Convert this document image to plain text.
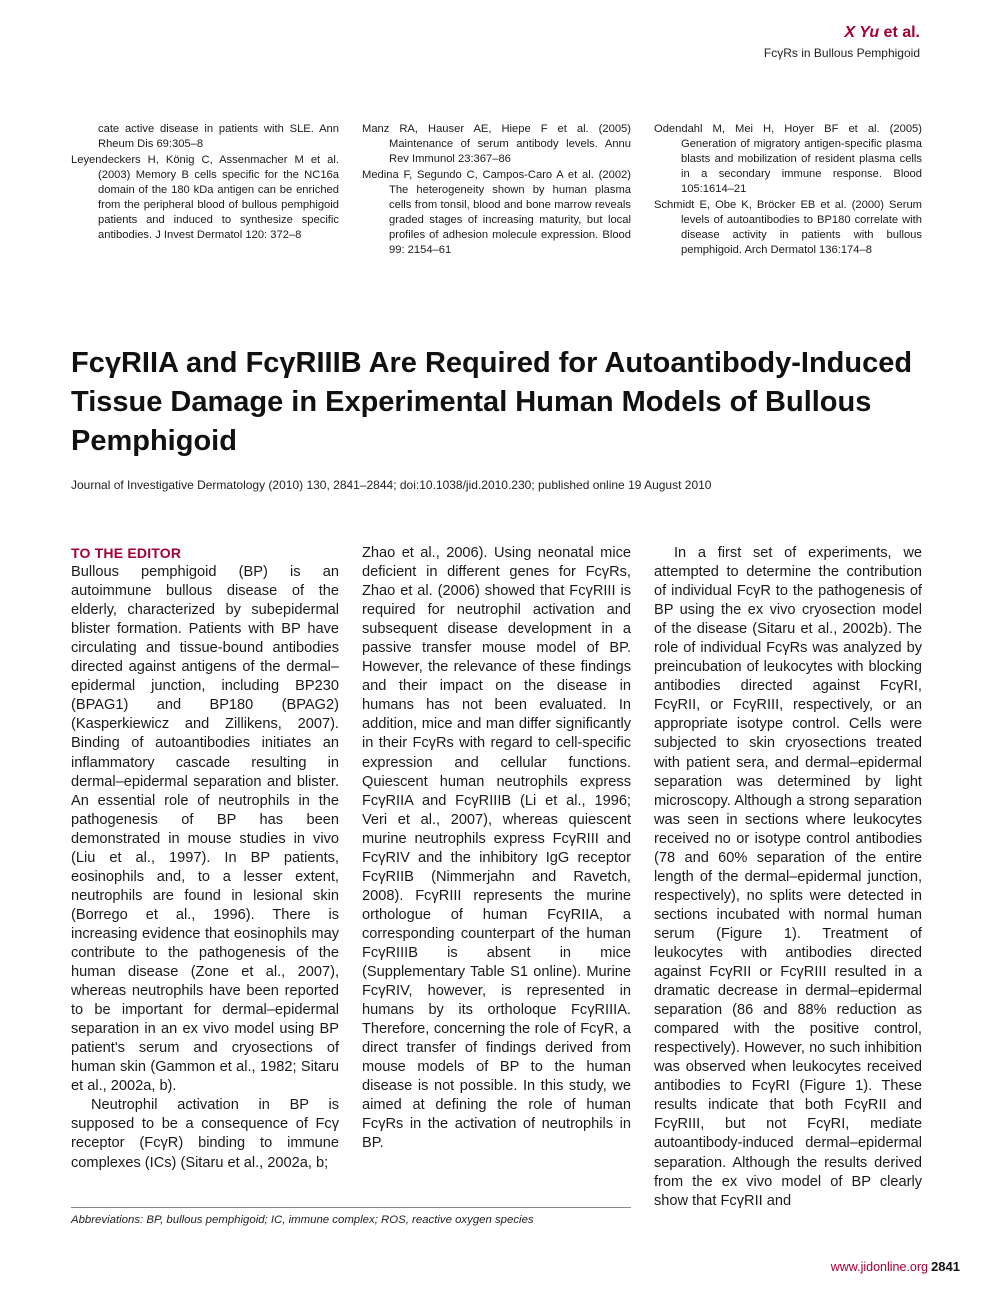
X Yu et al.
FcγRs in Bullous Pemphigoid

cate active disease in patients with SLE. Ann Rheum Dis 69:305–8

Leyendeckers H, König C, Assenmacher M et al. (2003) Memory B cells specific for the NC16a domain of the 180 kDa antigen can be enriched from the peripheral blood of bullous pemphigoid patients and induced to synthesize specific antibodies. J Invest Dermatol 120: 372–8

Manz RA, Hauser AE, Hiepe F et al. (2005) Maintenance of serum antibody levels. Annu Rev Immunol 23:367–86

Medina F, Segundo C, Campos-Caro A et al. (2002) The heterogeneity shown by human plasma cells from tonsil, blood and bone marrow reveals graded stages of increasing maturity, but local profiles of adhesion molecule expression. Blood 99: 2154–61

Odendahl M, Mei H, Hoyer BF et al. (2005) Generation of migratory antigen-specific plasma blasts and mobilization of resident plasma cells in a secondary immune response. Blood 105:1614–21

Schmidt E, Obe K, Bröcker EB et al. (2000) Serum levels of autoantibodies to BP180 correlate with disease activity in patients with bullous pemphigoid. Arch Dermatol 136:174–8

FcγRIIA and FcγRIIIB Are Required for Autoantibody-Induced Tissue Damage in Experimental Human Models of Bullous Pemphigoid
Journal of Investigative Dermatology (2010) 130, 2841–2844; doi:10.1038/jid.2010.230; published online 19 August 2010
TO THE EDITOR

Bullous pemphigoid (BP) is an autoimmune bullous disease of the elderly, characterized by subepidermal blister formation. Patients with BP have circulating and tissue-bound antibodies directed against antigens of the dermal–epidermal junction, including BP230 (BPAG1) and BP180 (BPAG2) (Kasperkiewicz and Zillikens, 2007). Binding of autoantibodies initiates an inflammatory cascade resulting in dermal–epidermal separation and blister. An essential role of neutrophils in the pathogenesis of BP has been demonstrated in mouse studies in vivo (Liu et al., 1997). In BP patients, eosinophils and, to a lesser extent, neutrophils are found in lesional skin (Borrego et al., 1996). There is increasing evidence that eosinophils may contribute to the pathogenesis of the human disease (Zone et al., 2007), whereas neutrophils have been reported to be important for dermal–epidermal separation in an ex vivo model using BP patient's serum and cryosections of human skin (Gammon et al., 1982; Sitaru et al., 2002a, b).

Neutrophil activation in BP is supposed to be a consequence of Fcγ receptor (FcγR) binding to immune complexes (ICs) (Sitaru et al., 2002a, b;

Zhao et al., 2006). Using neonatal mice deficient in different genes for FcγRs, Zhao et al. (2006) showed that FcγRIII is required for neutrophil activation and subsequent disease development in a passive transfer mouse model of BP. However, the relevance of these findings and their impact on the disease in humans has not been evaluated. In addition, mice and man differ significantly in their FcγRs with regard to cell-specific expression and cellular functions. Quiescent human neutrophils express FcγRIIA and FcγRIIIB (Li et al., 1996; Veri et al., 2007), whereas quiescent murine neutrophils express FcγRIII and FcγRIV and the inhibitory IgG receptor FcγRIIB (Nimmerjahn and Ravetch, 2008). FcγRIII represents the murine orthologue of human FcγRIIA, a corresponding counterpart of the human FcγRIIIB is absent in mice (Supplementary Table S1 online). Murine FcγRIV, however, is represented in humans by its ortholoque FcγRIIIA. Therefore, concerning the role of FcγR, a direct transfer of findings derived from mouse models of BP to the human disease is not possible. In this study, we aimed at defining the role of human FcγRs in the activation of neutrophils in BP.

In a first set of experiments, we attempted to determine the contribution of individual FcγR to the pathogenesis of BP using the ex vivo cryosection model of the disease (Sitaru et al., 2002b). The role of individual FcγRs was analyzed by preincubation of leukocytes with blocking antibodies directed against FcγRI, FcγRII, or FcγRIII, respectively, or an appropriate isotype control. Cells were subjected to skin cryosections treated with patient sera, and dermal–epidermal separation was determined by light microscopy. Although a strong separation was seen in sections where leukocytes received no or isotype control antibodies (78 and 60% separation of the entire length of the dermal–epidermal junction, respectively), no splits were detected in sections incubated with normal human serum (Figure 1). Treatment of leukocytes with antibodies directed against FcγRII or FcγRIII resulted in a dramatic decrease in dermal–epidermal separation (86 and 88% reduction as compared with the positive control, respectively). However, no such inhibition was observed when leukocytes received antibodies to FcγRI (Figure 1). These results indicate that both FcγRII and FcγRIII, but not FcγRI, mediate autoantibody-induced dermal–epidermal separation. Although the results derived from the ex vivo model of BP clearly show that FcγRII and

Abbreviations: BP, bullous pemphigoid; IC, immune complex; ROS, reactive oxygen species
www.jidonline.org 2841
